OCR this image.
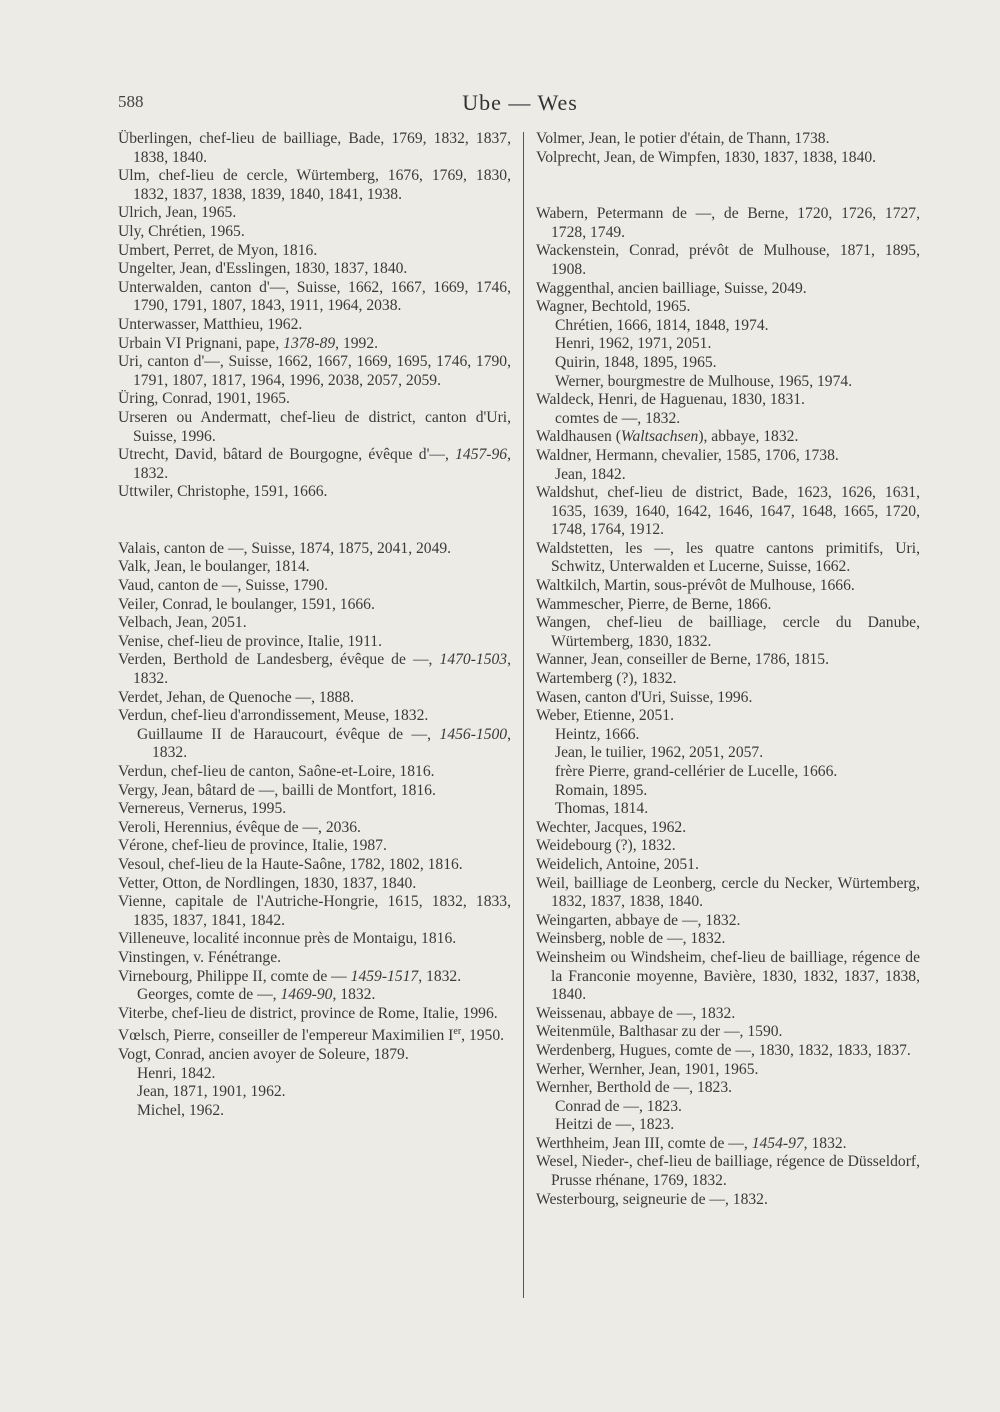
588	Ube — Wes

Überlingen, chef-lieu de bailliage, Bade, 1769, 1832, 1837, 1838, 1840.

Ulm, chef-lieu de cercle, Würtemberg, 1676, 1769, 1830, 1832, 1837, 1838, 1839, 1840, 1841, 1938.

Ulrich, Jean, 1965.

Uly, Chrétien, 1965.

Umbert, Perret, de Myon, 1816.

Ungelter, Jean, d'Esslingen, 1830, 1837, 1840.

Unterwalden, canton d'—, Suisse, 1662, 1667, 1669, 1746, 1790, 1791, 1807, 1843, 1911, 1964, 2038.

Unterwasser, Matthieu, 1962.

Urbain VI Prignani, pape, 1378-89, 1992.

Uri, canton d'—, Suisse, 1662, 1667, 1669, 1695, 1746, 1790, 1791, 1807, 1817, 1964, 1996, 2038, 2057, 2059.

Üring, Conrad, 1901, 1965.

Urseren ou Andermatt, chef-lieu de district, canton d'Uri, Suisse, 1996.

Utrecht, David, bâtard de Bourgogne, évêque d'—, 1457-96, 1832.

Uttwiler, Christophe, 1591, 1666.

Valais, canton de —, Suisse, 1874, 1875, 2041, 2049.

Valk, Jean, le boulanger, 1814.

Vaud, canton de —, Suisse, 1790.

Veiler, Conrad, le boulanger, 1591, 1666.

Velbach, Jean, 2051.

Venise, chef-lieu de province, Italie, 1911.

Verden, Berthold de Landesberg, évêque de —, 1470-1503, 1832.

Verdet, Jehan, de Quenoche —, 1888.

Verdun, chef-lieu d'arrondissement, Meuse, 1832.

Guillaume II de Haraucourt, évêque de —, 1456-1500, 1832.

Verdun, chef-lieu de canton, Saône-et-Loire, 1816.

Vergy, Jean, bâtard de —, bailli de Montfort, 1816.

Vernereus, Vernerus, 1995.

Veroli, Herennius, évêque de —, 2036.

Vérone, chef-lieu de province, Italie, 1987.

Vesoul, chef-lieu de la Haute-Saône, 1782, 1802, 1816.

Vetter, Otton, de Nordlingen, 1830, 1837, 1840.

Vienne, capitale de l'Autriche-Hongrie, 1615, 1832, 1833, 1835, 1837, 1841, 1842.

Villeneuve, localité inconnue près de Montaigu, 1816.

Vinstingen, v. Fénétrange.

Virnebourg, Philippe II, comte de — 1459-1517, 1832.

Georges, comte de —, 1469-90, 1832.

Viterbe, chef-lieu de district, province de Rome, Italie, 1996.

Vœlsch, Pierre, conseiller de l'empereur Maximilien Ier, 1950.

Vogt, Conrad, ancien avoyer de Soleure, 1879.

Henri, 1842.

Jean, 1871, 1901, 1962.

Michel, 1962.

Volmer, Jean, le potier d'étain, de Thann, 1738.

Volprecht, Jean, de Wimpfen, 1830, 1837, 1838, 1840.

Wabern, Petermann de —, de Berne, 1720, 1726, 1727, 1728, 1749.

Wackenstein, Conrad, prévôt de Mulhouse, 1871, 1895, 1908.

Waggenthal, ancien bailliage, Suisse, 2049.

Wagner, Bechtold, 1965.

Chrétien, 1666, 1814, 1848, 1974.

Henri, 1962, 1971, 2051.

Quirin, 1848, 1895, 1965.

Werner, bourgmestre de Mulhouse, 1965, 1974.

Waldeck, Henri, de Haguenau, 1830, 1831.

comtes de —, 1832.

Waldhausen (Waltsachsen), abbaye, 1832.

Waldner, Hermann, chevalier, 1585, 1706, 1738.

Jean, 1842.

Waldshut, chef-lieu de district, Bade, 1623, 1626, 1631, 1635, 1639, 1640, 1642, 1646, 1647, 1648, 1665, 1720, 1748, 1764, 1912.

Waldstetten, les —, les quatre cantons primitifs, Uri, Schwitz, Unterwalden et Lucerne, Suisse, 1662.

Waltkilch, Martin, sous-prévôt de Mulhouse, 1666.

Wammescher, Pierre, de Berne, 1866.

Wangen, chef-lieu de bailliage, cercle du Danube, Würtemberg, 1830, 1832.

Wanner, Jean, conseiller de Berne, 1786, 1815.

Wartemberg (?), 1832.

Wasen, canton d'Uri, Suisse, 1996.

Weber, Etienne, 2051.

Heintz, 1666.

Jean, le tuilier, 1962, 2051, 2057.

frère Pierre, grand-cellérier de Lucelle, 1666.

Romain, 1895.

Thomas, 1814.

Wechter, Jacques, 1962.

Weidebourg (?), 1832.

Weidelich, Antoine, 2051.

Weil, bailliage de Leonberg, cercle du Necker, Würtemberg, 1832, 1837, 1838, 1840.

Weingarten, abbaye de —, 1832.

Weinsberg, noble de —, 1832.

Weinsheim ou Windsheim, chef-lieu de bailliage, régence de la Franconie moyenne, Bavière, 1830, 1832, 1837, 1838, 1840.

Weissenau, abbaye de —, 1832.

Weitenmüle, Balthasar zu der —, 1590.

Werdenberg, Hugues, comte de —, 1830, 1832, 1833, 1837.

Werher, Wernher, Jean, 1901, 1965.

Wernher, Berthold de —, 1823.

Conrad de —, 1823.

Heitzi de —, 1823.

Werthheim, Jean III, comte de —, 1454-97, 1832.

Wesel, Nieder-, chef-lieu de bailliage, régence de Düsseldorf, Prusse rhénane, 1769, 1832.

Westerbourg, seigneurie de —, 1832.
